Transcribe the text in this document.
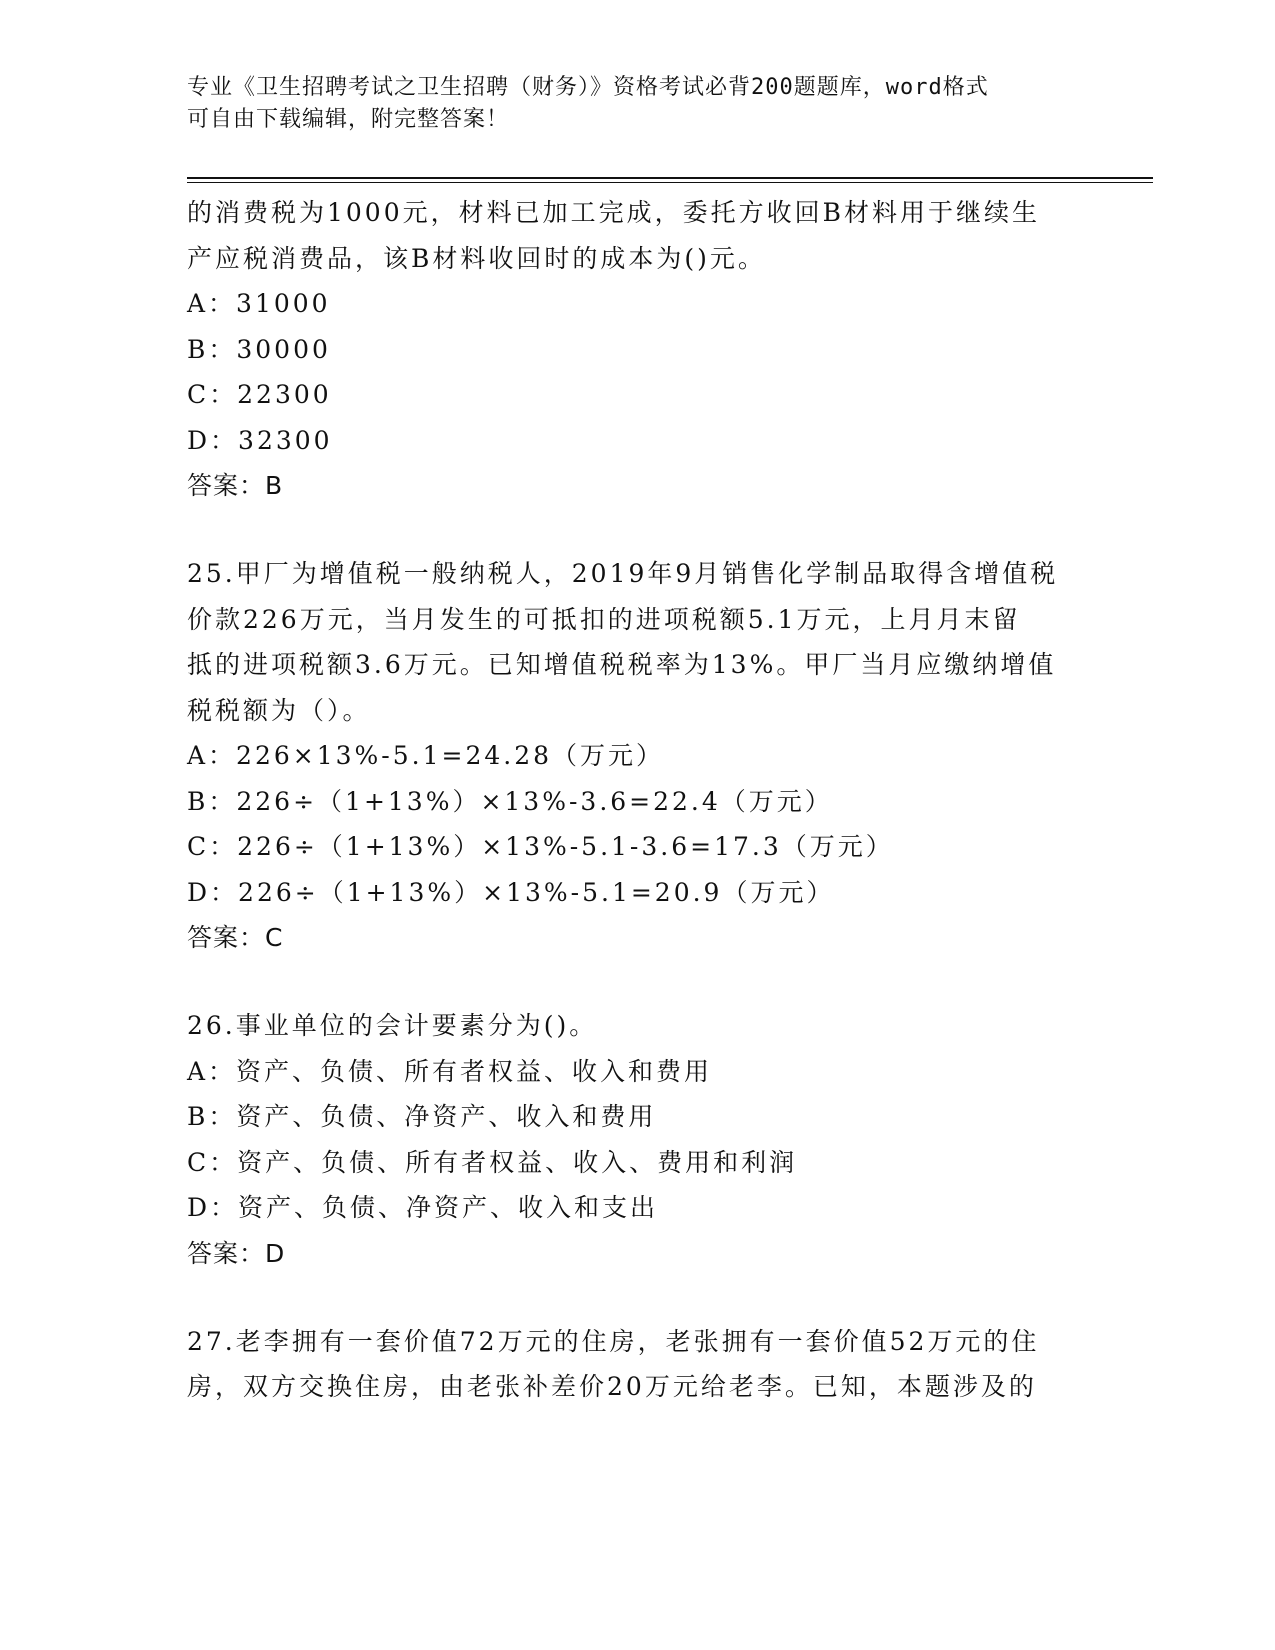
专业《卫生招聘考试之卫生招聘（财务）》资格考试必背200题题库，word格式
可自由下载编辑，附完整答案！
的消费税为1000元，材料已加工完成，委托方收回B材料用于继续生
产应税消费品，该B材料收回时的成本为()元。
A：31000
B：30000
C：22300
D：32300
答案：B
25.甲厂为增值税一般纳税人，2019年9月销售化学制品取得含增值税
价款226万元，当月发生的可抵扣的进项税额5.1万元，上月月末留
抵的进项税额3.6万元。已知增值税税率为13%。甲厂当月应缴纳增值
税税额为（）。
A：226×13%-5.1=24.28（万元）
B：226÷（1+13%）×13%-3.6=22.4（万元）
C：226÷（1+13%）×13%-5.1-3.6=17.3（万元）
D：226÷（1+13%）×13%-5.1=20.9（万元）
答案：C
26.事业单位的会计要素分为()。
A：资产、负债、所有者权益、收入和费用
B：资产、负债、净资产、收入和费用
C：资产、负债、所有者权益、收入、费用和利润
D：资产、负债、净资产、收入和支出
答案：D
27.老李拥有一套价值72万元的住房，老张拥有一套价值52万元的住
房，双方交换住房，由老张补差价20万元给老李。已知，本题涉及的
